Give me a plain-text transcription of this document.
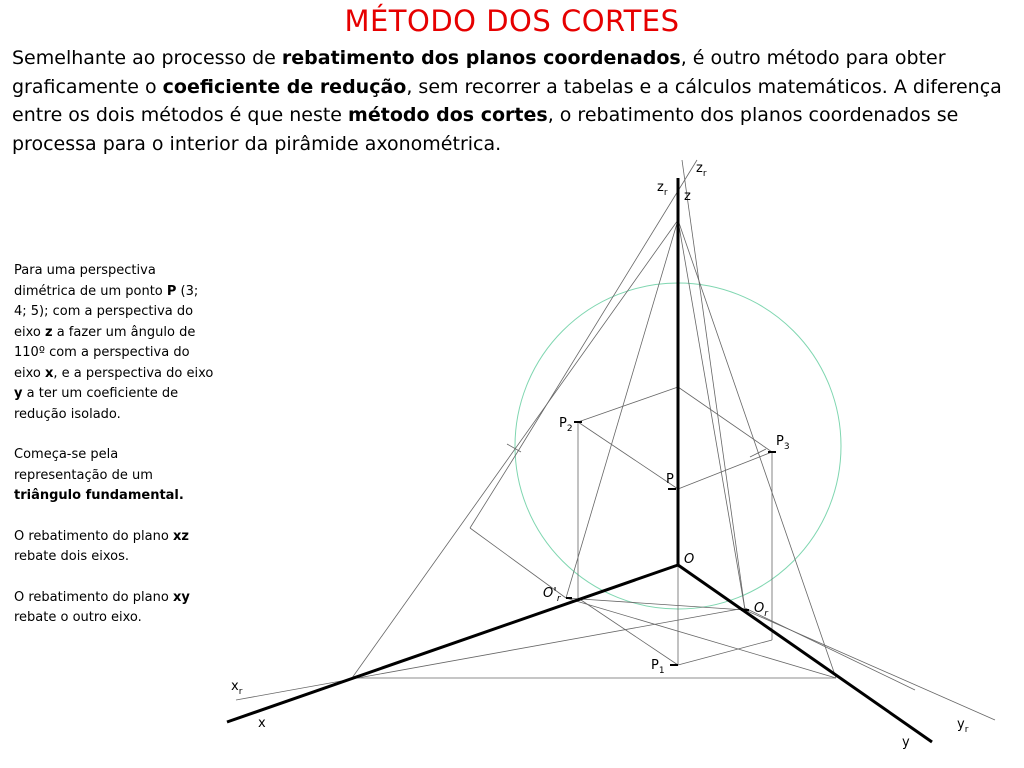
MÉTODO DOS CORTES

Semelhante ao processo de rebatimento dos planos coordenados, é outro método para obter graficamente o coeficiente de redução, sem recorrer a tabelas e a cálculos matemáticos. A diferença entre os dois métodos é que neste método dos cortes, o rebatimento dos planos coordenados se processa para o interior da pirâmide axonométrica.

Para uma perspectiva dimétrica de um ponto P (3; 4; 5); com a perspectiva do eixo z a fazer um ângulo de 110º com a perspectiva do eixo x, e a perspectiva do eixo y a ter um coeficiente de redução isolado.

Começa-se pela representação de um triângulo fundamental.

O rebatimento do plano xz rebate dois eixos.

O rebatimento do plano xy rebate o outro eixo.

$z_r$
$z_r$ z
$P_2$
$P_3$
P
O
$O'_r$
$O_r$
$P_1$
$x_r$
x	$y_r$
y
